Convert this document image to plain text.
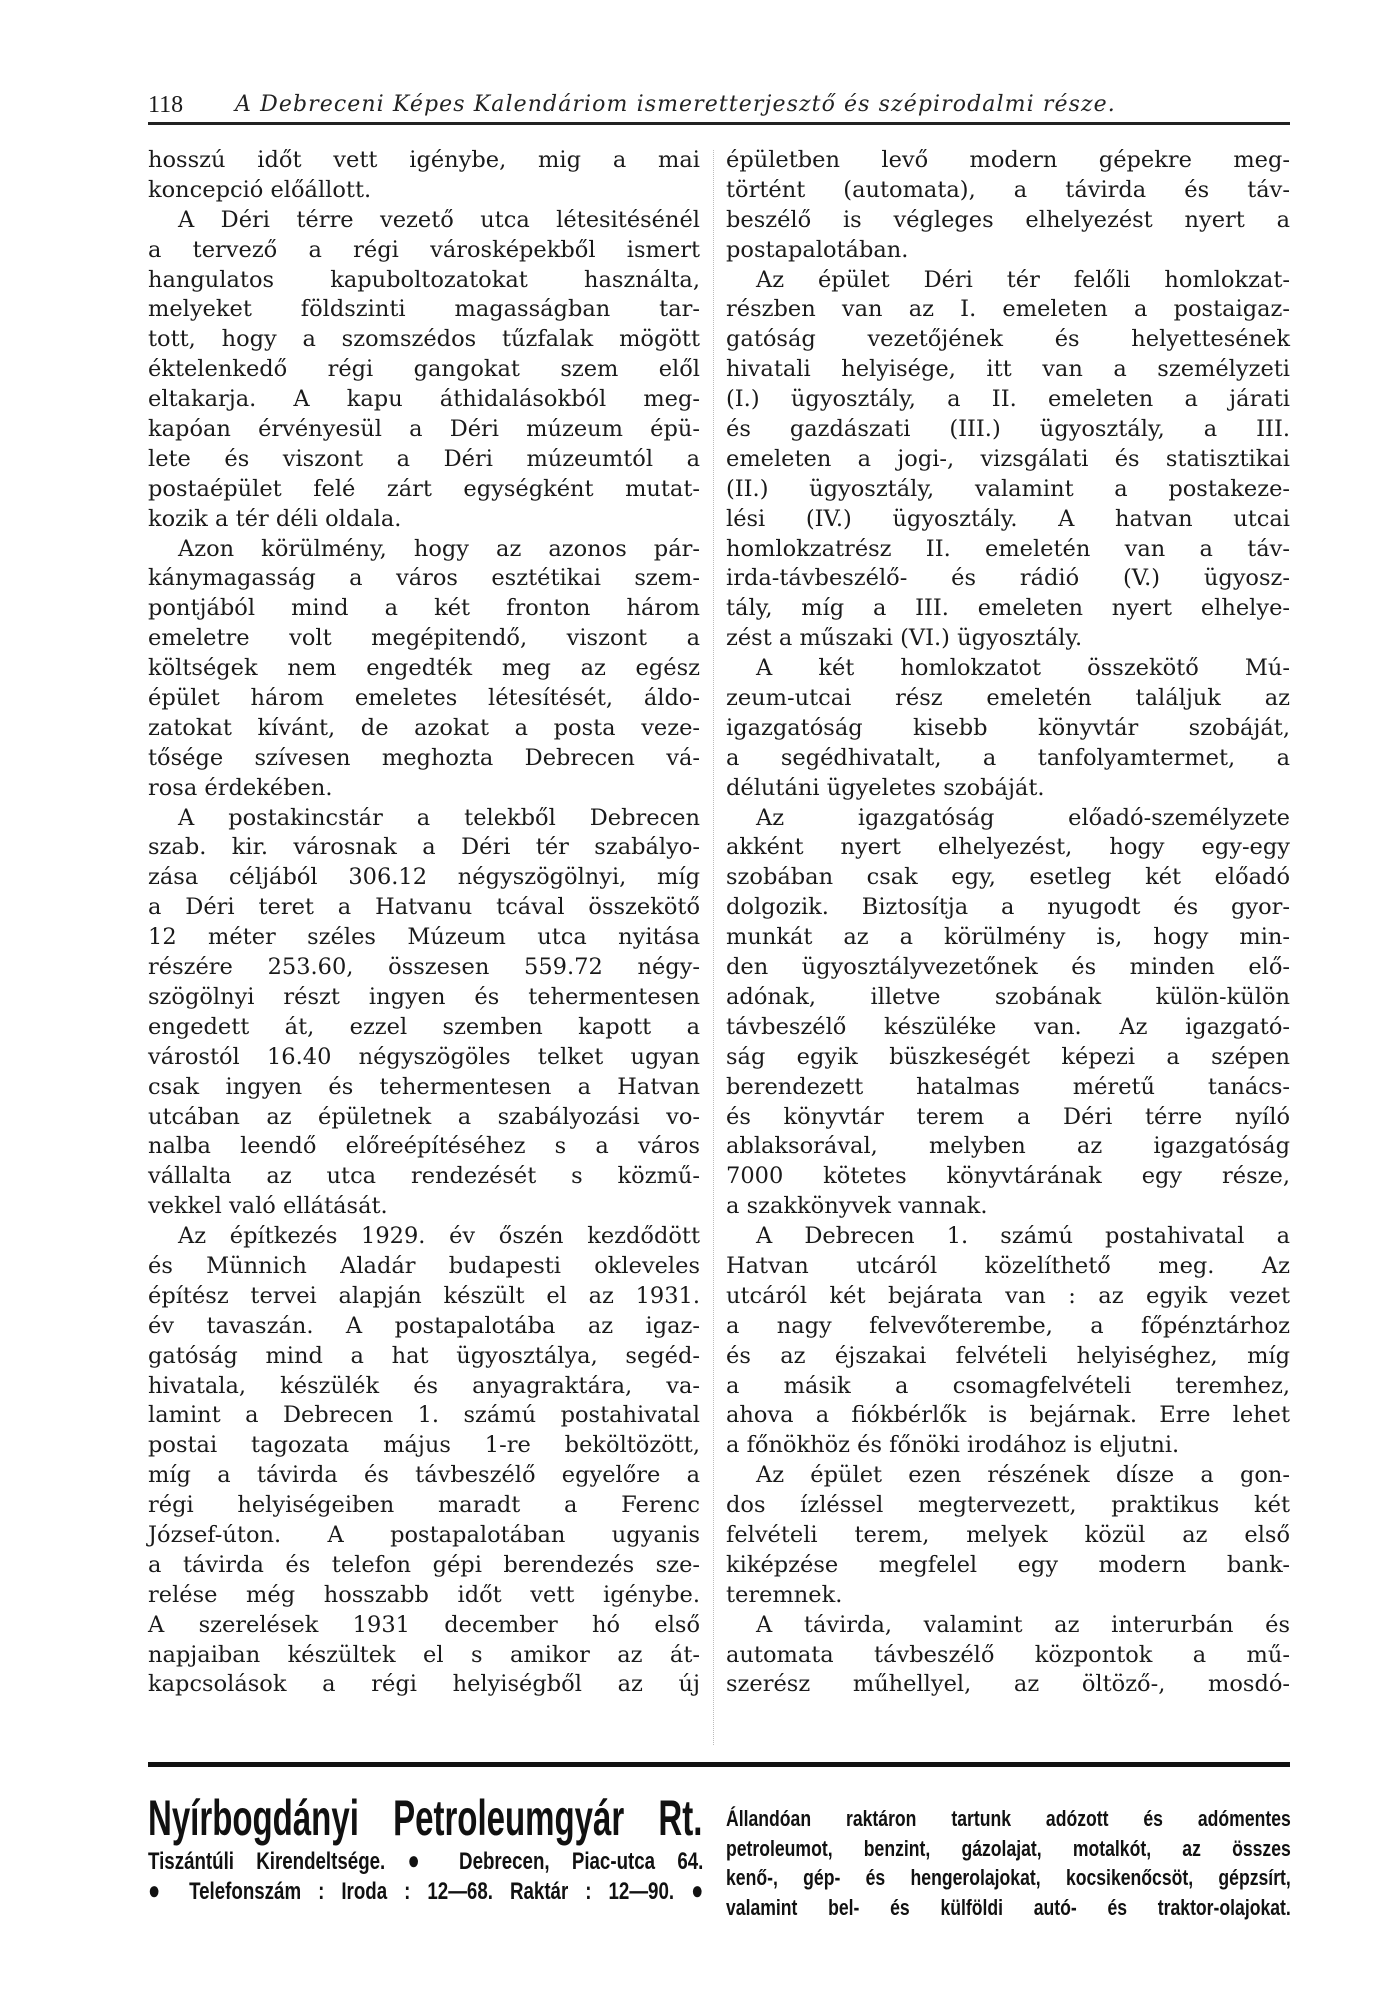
118 A Debreceni Képes Kalendáriom ismeretterjesztő és szépirodalmi része.
hosszú időt vett igénybe, mig a mai
koncepció előállott.
A Déri térre vezető utca létesitésénél
a tervező a régi városképekből ismert
hangulatos kapuboltozatokat használta,
melyeket földszinti magasságban tar-
tott, hogy a szomszédos tűzfalak mögött
éktelenkedő régi gangokat szem elől
eltakarja. A kapu áthidalásokból meg-
kapóan érvényesül a Déri múzeum épü-
lete és viszont a Déri múzeumtól a
postaépület felé zárt egységként mutat-
kozik a tér déli oldala.
Azon körülmény, hogy az azonos pár-
kánymagasság a város esztétikai szem-
pontjából mind a két fronton három
emeletre volt megépitendő, viszont a
költségek nem engedték meg az egész
épület három emeletes létesítését, áldo-
zatokat kívánt, de azokat a posta veze-
tősége szívesen meghozta Debrecen vá-
rosa érdekében.
A postakincstár a telekből Debrecen
szab. kir. városnak a Déri tér szabályo-
zása céljából 306.12 négyszögölnyi, míg
a Déri teret a Hatvanu tcával összekötő
12 méter széles Múzeum utca nyitása
részére 253.60, összesen 559.72 négy-
szögölnyi részt ingyen és tehermentesen
engedett át, ezzel szemben kapott a
várostól 16.40 négyszögöles telket ugyan
csak ingyen és tehermentesen a Hatvan
utcában az épületnek a szabályozási vo-
nalba leendő előreépítéséhez s a város
vállalta az utca rendezését s közmű-
vekkel való ellátását.
Az építkezés 1929. év őszén kezdődött
és Münnich Aladár budapesti okleveles
építész tervei alapján készült el az 1931.
év tavaszán. A postapalotába az igaz-
gatóság mind a hat ügyosztálya, segéd-
hivatala, készülék és anyagraktára, va-
lamint a Debrecen 1. számú postahivatal
postai tagozata május 1-re beköltözött,
míg a távirda és távbeszélő egyelőre a
régi helyiségeiben maradt a Ferenc
József-úton. A postapalotában ugyanis
a távirda és telefon gépi berendezés sze-
relése még hosszabb időt vett igénybe.
A szerelések 1931 december hó első
napjaiban készültek el s amikor az át-
kapcsolások a régi helyiségből az új
épületben levő modern gépekre meg-
történt (automata), a távirda és táv-
beszélő is végleges elhelyezést nyert a
postapalotában.
Az épület Déri tér felőli homlokzat-
részben van az I. emeleten a postaigaz-
gatóság vezetőjének és helyettesének
hivatali helyisége, itt van a személyzeti
(I.) ügyosztály, a II. emeleten a járati
és gazdászati (III.) ügyosztály, a III.
emeleten a jogi-, vizsgálati és statisztikai
(II.) ügyosztály, valamint a postakeze-
lési (IV.) ügyosztály. A hatvan utcai
homlokzatrész II. emeletén van a táv-
irda-távbeszélő- és rádió (V.) ügyosz-
tály, míg a III. emeleten nyert elhelye-
zést a műszaki (VI.) ügyosztály.
A két homlokzatot összekötő Mú-
zeum-utcai rész emeletén találjuk az
igazgatóság kisebb könyvtár szobáját,
a segédhivatalt, a tanfolyamtermet, a
délutáni ügyeletes szobáját.
Az igazgatóság előadó-személyzete
akként nyert elhelyezést, hogy egy-egy
szobában csak egy, esetleg két előadó
dolgozik. Biztosítja a nyugodt és gyor-
munkát az a körülmény is, hogy min-
den ügyosztályvezetőnek és minden elő-
adónak, illetve szobának külön-külön
távbeszélő készüléke van. Az igazgató-
ság egyik büszkeségét képezi a szépen
berendezett hatalmas méretű tanács-
és könyvtár terem a Déri térre nyíló
ablaksorával, melyben az igazgatóság
7000 kötetes könyvtárának egy része,
a szakkönyvek vannak.
A Debrecen 1. számú postahivatal a
Hatvan utcáról közelíthető meg. Az
utcáról két bejárata van : az egyik vezet
a nagy felvevőterembe, a főpénztárhoz
és az éjszakai felvételi helyiséghez, míg
a másik a csomagfelvételi teremhez,
ahova a fiókbérlők is bejárnak. Erre lehet
a főnökhöz és főnöki irodához is eljutni.
Az épület ezen részének dísze a gon-
dos ízléssel megtervezett, praktikus két
felvételi terem, melyek közül az első
kiképzése megfelel egy modern bank-
teremnek.
A távirda, valamint az interurbán és
automata távbeszélő központok a mű-
szerész műhellyel, az öltöző-, mosdó-
Nyírbogdányi Petroleumgyár Rt.
Tiszántúli Kirendeltsége. ● Debrecen, Piac-utca 64.
● Telefonszám : Iroda : 12—68. Raktár : 12—90. ●
Állandóan raktáron tartunk adózott és adómentes
petroleumot, benzint, gázolajat, motalkót, az összes
kenő-, gép- és hengerolajokat, kocsikenőcsöt, gépzsírt,
valamint bel- és külföldi autó- és traktor-olajokat.
